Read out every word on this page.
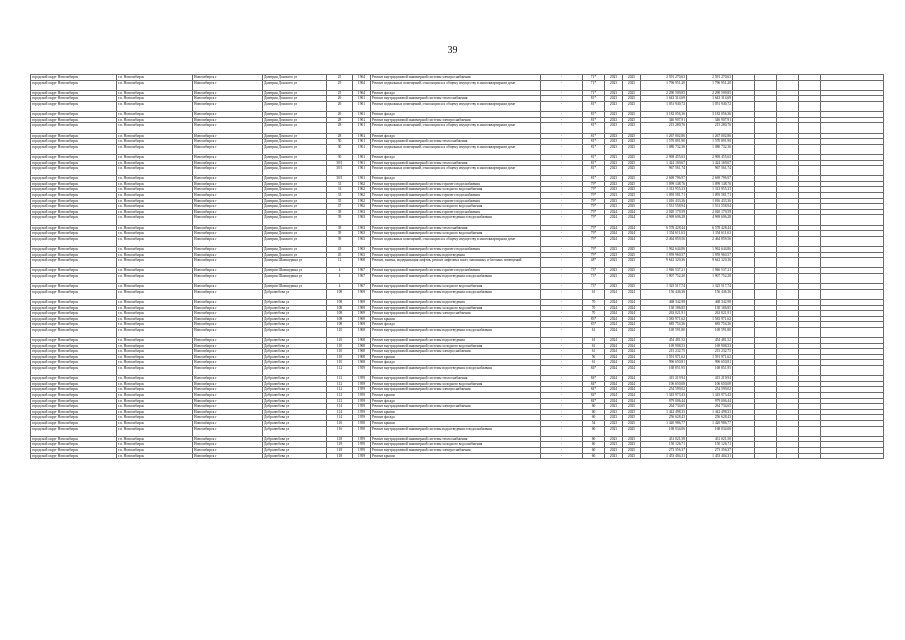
39
городской округ Новосибирск	г.п. Новосибирск	Новосибирск г	Дмитрия Донского ул	25	1964	Ремонт внутридомовой инженерной системы электроснабжения	-	71*	2023	2025	2 591 270,63	2 591 270,63					
городской округ Новосибирск	г.п. Новосибирск	Новосибирск г	Дмитрия Донского ул	25	1964	Ремонт подвальных помещений, относящихся к общему имуществу в многоквартирном доме	-	71*	2023	2025	1 796 951,20	1 796 951,20					
городской округ Новосибирск	г.п. Новосибирск	Новосибирск г	Дмитрия Донского ул	25	1964	Ремонт фасада	-	71*	2023	2025	2 290 509,85	2 290 509,85					
городской округ Новосибирск	г.п. Новосибирск	Новосибирск г	Дмитрия Донского ул	26	1961	Ремонт внутридомовой инженерной системы теплоснабжения	-	81*	2023	2025	1 643 314,69	1 643 314,69					
городской округ Новосибирск	г.п. Новосибирск	Новосибирск г	Дмитрия Донского ул	26	1961	Ремонт подвальных помещений, относящихся к общему имуществу в многоквартирном доме	-	81*	2023	2025	1 051 940,72	1 051 940,72					
городской округ Новосибирск	г.п. Новосибирск	Новосибирск г	Дмитрия Донского ул	26	1961	Ремонт фасада	-	81*	2023	2025	3 182 056,36	3 182 056,36					
городской округ Новосибирск	г.п. Новосибирск	Новосибирск г	Дмитрия Донского ул	28	1961	Ремонт внутридомовой инженерной системы электроснабжения	-	81*	2023	2025	346 907,91	346 907,91					
городской округ Новосибирск	г.п. Новосибирск	Новосибирск г	Дмитрия Донского ул	28	1961	Ремонт подвальных помещений, относящихся к общему имуществу в многоквартирном доме	-	81*	2023	2025	215 280,76	215 280,76					
городской округ Новосибирск	г.п. Новосибирск	Новосибирск г	Дмитрия Донского ул	28	1961	Ремонт фасада	-	81*	2023	2025	1 267 002,86	1 267 002,86					
городской округ Новосибирск	г.п. Новосибирск	Новосибирск г	Дмитрия Донского ул	30	1961	Ремонт внутридомовой инженерной системы теплоснабжения	-	81*	2023	2025	1 570 891,90	1 570 891,90					
городской округ Новосибирск	г.п. Новосибирск	Новосибирск г	Дмитрия Донского ул	30	1961	Ремонт подвальных помещений, относящихся к общему имуществу в многоквартирном доме	-	81*	2023	2025	1 080 732,36	1 080 732,36					
городской округ Новосибирск	г.п. Новосибирск	Новосибирск г	Дмитрия Донского ул	30	1961	Ремонт фасада	-	81*	2023	2025	2 969 455,63	2 969 455,63					
городской округ Новосибирск	г.п. Новосибирск	Новосибирск г	Дмитрия Донского ул	30/1	1961	Ремонт внутридомовой инженерной системы теплоснабжения	-	81*	2023	2025	1 424 169,67	1 424 169,67					
городской округ Новосибирск	г.п. Новосибирск	Новосибирск г	Дмитрия Донского ул	30/1	1961	Ремонт подвальных помещений, относящихся к общему имуществу в многоквартирном доме	-	81*	2023	2025	967 561,74	967 561,74					
городской округ Новосибирск	г.п. Новосибирск	Новосибирск г	Дмитрия Донского ул	30/1	1961	Ремонт фасада	-	81*	2023	2025	2 669 796,97	2 669 796,97					
городской округ Новосибирск	г.п. Новосибирск	Новосибирск г	Дмитрия Донского ул	31	1962	Ремонт внутридомовой инженерной системы горячего водоснабжения	-	79*	2023	2025	1 099 148,76	1 099 148,76					
городской округ Новосибирск	г.п. Новосибирск	Новосибирск г	Дмитрия Донского ул	31	1962	Ремонт внутридомовой инженерной системы холодного водоснабжения	-	79*	2023	2025	1 313 955,33	1 313 955,33					
городской округ Новосибирск	г.п. Новосибирск	Новосибирск г	Дмитрия Донского ул	33	1962	Ремонт внутридомовой инженерной системы горячего водоснабжения	-	79*	2023	2025	1 095 581,71	1 095 581,71					
городской округ Новосибирск	г.п. Новосибирск	Новосибирск г	Дмитрия Донского ул	35	1962	Ремонт внутридомовой инженерной системы горячего водоснабжения	-	79*	2023	2025	1 016 433,36	1 016 433,36					
городской округ Новосибирск	г.п. Новосибирск	Новосибирск г	Дмитрия Донского ул	37	1962	Ремонт внутридомовой инженерной системы холодного водоснабжения	-	79*	2023	2025	1 531 558,94	1 531 558,94					
городской округ Новосибирск	г.п. Новосибирск	Новосибирск г	Дмитрия Донского ул	39	1963	Ремонт внутридомовой инженерной системы горячего водоснабжения	-	79*	2024	2024	2 020 179,59	2 020 179,59					
городской округ Новосибирск	г.п. Новосибирск	Новосибирск г	Дмитрия Донского ул	39	1963	Ремонт внутридомовой инженерной системы водоотведения и водоснабжения	-	79*	2024	2024	4 969 606,28	4 969 606,28					
городской округ Новосибирск	г.п. Новосибирск	Новосибирск г	Дмитрия Донского ул	39	1963	Ремонт внутридомовой инженерной системы теплоснабжения	-	79*	2024	2024	6 578 428,44	6 578 428,44					
городской округ Новосибирск	г.п. Новосибирск	Новосибирск г	Дмитрия Донского ул	39	1963	Ремонт внутридомовой инженерной системы холодного водоснабжения	-	79*	2024	2024	1 354 611,63	1 354 611,63					
городской округ Новосибирск	г.п. Новосибирск	Новосибирск г	Дмитрия Донского ул	39	1963	Ремонт подвальных помещений, относящихся к общему имуществу в многоквартирном доме	-	79*	2024	2024	2 464 859,56	2 464 859,56					
городской округ Новосибирск	г.п. Новосибирск	Новосибирск г	Дмитрия Донского ул	43	1963	Ремонт внутридомовой инженерной системы горячего водоснабжения	-	79*	2023	2025	1 962 644,86	1 962 644,86					
городской округ Новосибирск	г.п. Новосибирск	Новосибирск г	Дмитрия Донского ул	45	1963	Ремонт внутридомовой инженерной системы водоотведения	-	79*	2023	2025	1 959 960,57	1 959 960,57					
городской округ Новосибирск	г.п. Новосибирск	Новосибирск г	Дмитрия Шамшурина ул	12	1968	Ремонт, замена, модернизация лифтов, ремонт лифтовых шахт, машинных и блочных помещений	-	48*	2023	2025	9 642 320,36	9 642 320,36					
городской округ Новосибирск	г.п. Новосибирск	Новосибирск г	Дмитрия Шамшурина ул	4	1967	Ремонт внутридомовой инженерной системы горячего водоснабжения	-	73*	2023	2025	1 946 537,21	1 946 537,21					
городской округ Новосибирск	г.п. Новосибирск	Новосибирск г	Дмитрия Шамшурина ул	4	1967	Ремонт внутридомовой инженерной системы водоотведения и водоснабжения	-	73*	2023	2025	1 907 752,20	1 907 752,20					
городской округ Новосибирск	г.п. Новосибирск	Новосибирск г	Дмитрия Шамшурина ул	4	1967	Ремонт внутридомовой инженерной системы холодного водоснабжения	-	73*	2023	2025	1 325 517,74	1 325 517,74					
городской округ Новосибирск	г.п. Новосибирск	Новосибирск г	Добролюбова ул	108	1969	Ремонт внутридомовой инженерной системы водоотведения и водоснабжения	-	61	2024	2024	156 446,36	156 446,36					
городской округ Новосибирск	г.п. Новосибирск	Новосибирск г	Добролюбова ул	108	1969	Ремонт внутридомовой инженерной системы водоотведения	-	70	2024	2024	468 342,98	468 342,98					
городской округ Новосибирск	г.п. Новосибирск	Новосибирск г	Добролюбова ул	108	1969	Ремонт внутридомовой инженерной системы холодного водоснабжения	-	70	2024	2024	130 186,85	130 186,85					
городской округ Новосибирск	г.п. Новосибирск	Новосибирск г	Добролюбова ул	108	1969	Ремонт внутридомовой инженерной системы электроснабжения	-	70	2024	2024	263 021,91	263 021,91					
городской округ Новосибирск	г.п. Новосибирск	Новосибирск г	Добролюбова ул	108	1969	Ремонт крыши	-	83*	2024	2024	1 583 971,62	1 583 971,62					
городской округ Новосибирск	г.п. Новосибирск	Новосибирск г	Добролюбова ул	108	1969	Ремонт фасада	-	83*	2024	2024	685 754,36	685 754,36					
городской округ Новосибирск	г.п. Новосибирск	Новосибирск г	Добролюбова ул	110	1968	Ремонт внутридомовой инженерной системы водоотведения и водоснабжения	-	61	2024	2024	169 591,80	169 591,80					
городской округ Новосибирск	г.п. Новосибирск	Новосибирск г	Добролюбова ул	110	1968	Ремонт внутридомовой инженерной системы водоотведения	-	61	2024	2024	454 481,52	454 481,52					
городской округ Новосибирск	г.п. Новосибирск	Новосибирск г	Добролюбова ул	110	1968	Ремонт внутридомовой инженерной системы холодного водоснабжения	-	61	2024	2024	169 908,53	169 908,53					
городской округ Новосибирск	г.п. Новосибирск	Новосибирск г	Добролюбова ул	110	1968	Ремонт внутридомовой инженерной системы электроснабжения	-	61	2024	2024	215 232,75	215 232,75					
городской округ Новосибирск	г.п. Новосибирск	Новосибирск г	Добролюбова ул	110	1968	Ремонт крыши	-	56	2024	2024	1 591 971,62	1 591 971,62					
городской округ Новосибирск	г.п. Новосибирск	Новосибирск г	Добролюбова ул	110	1968	Ремонт фасада	-	61	2024	2024	996 650,81	996 650,81					
городской округ Новосибирск	г.п. Новосибирск	Новосибирск г	Добролюбова ул	112	1959	Ремонт внутридомовой инженерной системы водоотведения и водоснабжения	-	84*	2024	2024	168 851,95	168 851,95					
городской округ Новосибирск	г.п. Новосибирск	Новосибирск г	Добролюбова ул	112	1959	Ремонт внутридомовой инженерной системы теплоснабжения	-	84*	2024	2024	415 219,94	415 219,94					
городской округ Новосибирск	г.п. Новосибирск	Новосибирск г	Добролюбова ул	112	1959	Ремонт внутридомовой инженерной системы холодного водоснабжения	-	84*	2024	2024	106 650,08	106 650,08					
городской округ Новосибирск	г.п. Новосибирск	Новосибирск г	Добролюбова ул	112	1959	Ремонт внутридомовой инженерной системы электроснабжения	-	84*	2024	2024	254 599,02	254 599,02					
городской округ Новосибирск	г.п. Новосибирск	Новосибирск г	Добролюбова ул	112	1959	Ремонт крыши	-	84*	2024	2024	1 345 973,43	1 345 973,43					
городской округ Новосибирск	г.п. Новосибирск	Новосибирск г	Добролюбова ул	112	1959	Ремонт фасада	-	84*	2024	2024	979 006,44	979 006,44					
городской округ Новосибирск	г.п. Новосибирск	Новосибирск г	Добролюбова ул	114	1959	Ремонт внутридомовой инженерной системы электроснабжения	-	60	2023	2025	264 734,65	264 734,65					
городской округ Новосибирск	г.п. Новосибирск	Новосибирск г	Добролюбова ул	114	1959	Ремонт крыши	-	60	2023	2025	1 442 498,33	1 442 498,33					
городской округ Новосибирск	г.п. Новосибирск	Новосибирск г	Добролюбова ул	114	1959	Ремонт фасада	-	60	2023	2025	256 628,43	256 628,43					
городской округ Новосибирск	г.п. Новосибирск	Новосибирск г	Добролюбова ул	116	1958	Ремонт крыши	-	54	2023	2025	1 420 986,77	1 420 986,77					
городской округ Новосибирск	г.п. Новосибирск	Новосибирск г	Добролюбова ул	116	1958	Ремонт внутридомовой инженерной системы водоотведения и водоснабжения	-	60	2023	2025	168 034,06	168 034,06					
городской округ Новосибирск	г.п. Новосибирск	Новосибирск г	Добролюбова ул	118	1959	Ремонт внутридомовой инженерной системы теплоснабжения	-	60	2023	2025	431 021,58	431 021,58					
городской округ Новосибирск	г.п. Новосибирск	Новосибирск г	Добролюбова ул	118	1959	Ремонт внутридомовой инженерной системы холодного водоснабжения	-	60	2023	2025	150 126,71	150 126,71					
городской округ Новосибирск	г.п. Новосибирск	Новосибирск г	Добролюбова ул	118	1959	Ремонт внутридомовой инженерной системы электроснабжения	-	60	2023	2025	273 356,37	273 356,37					
городской округ Новосибирск	г.п. Новосибирск	Новосибирск г	Добролюбова ул	118	1959	Ремонт крыши	-	60	2023	2025	1 453 404,31	1 453 404,31					
